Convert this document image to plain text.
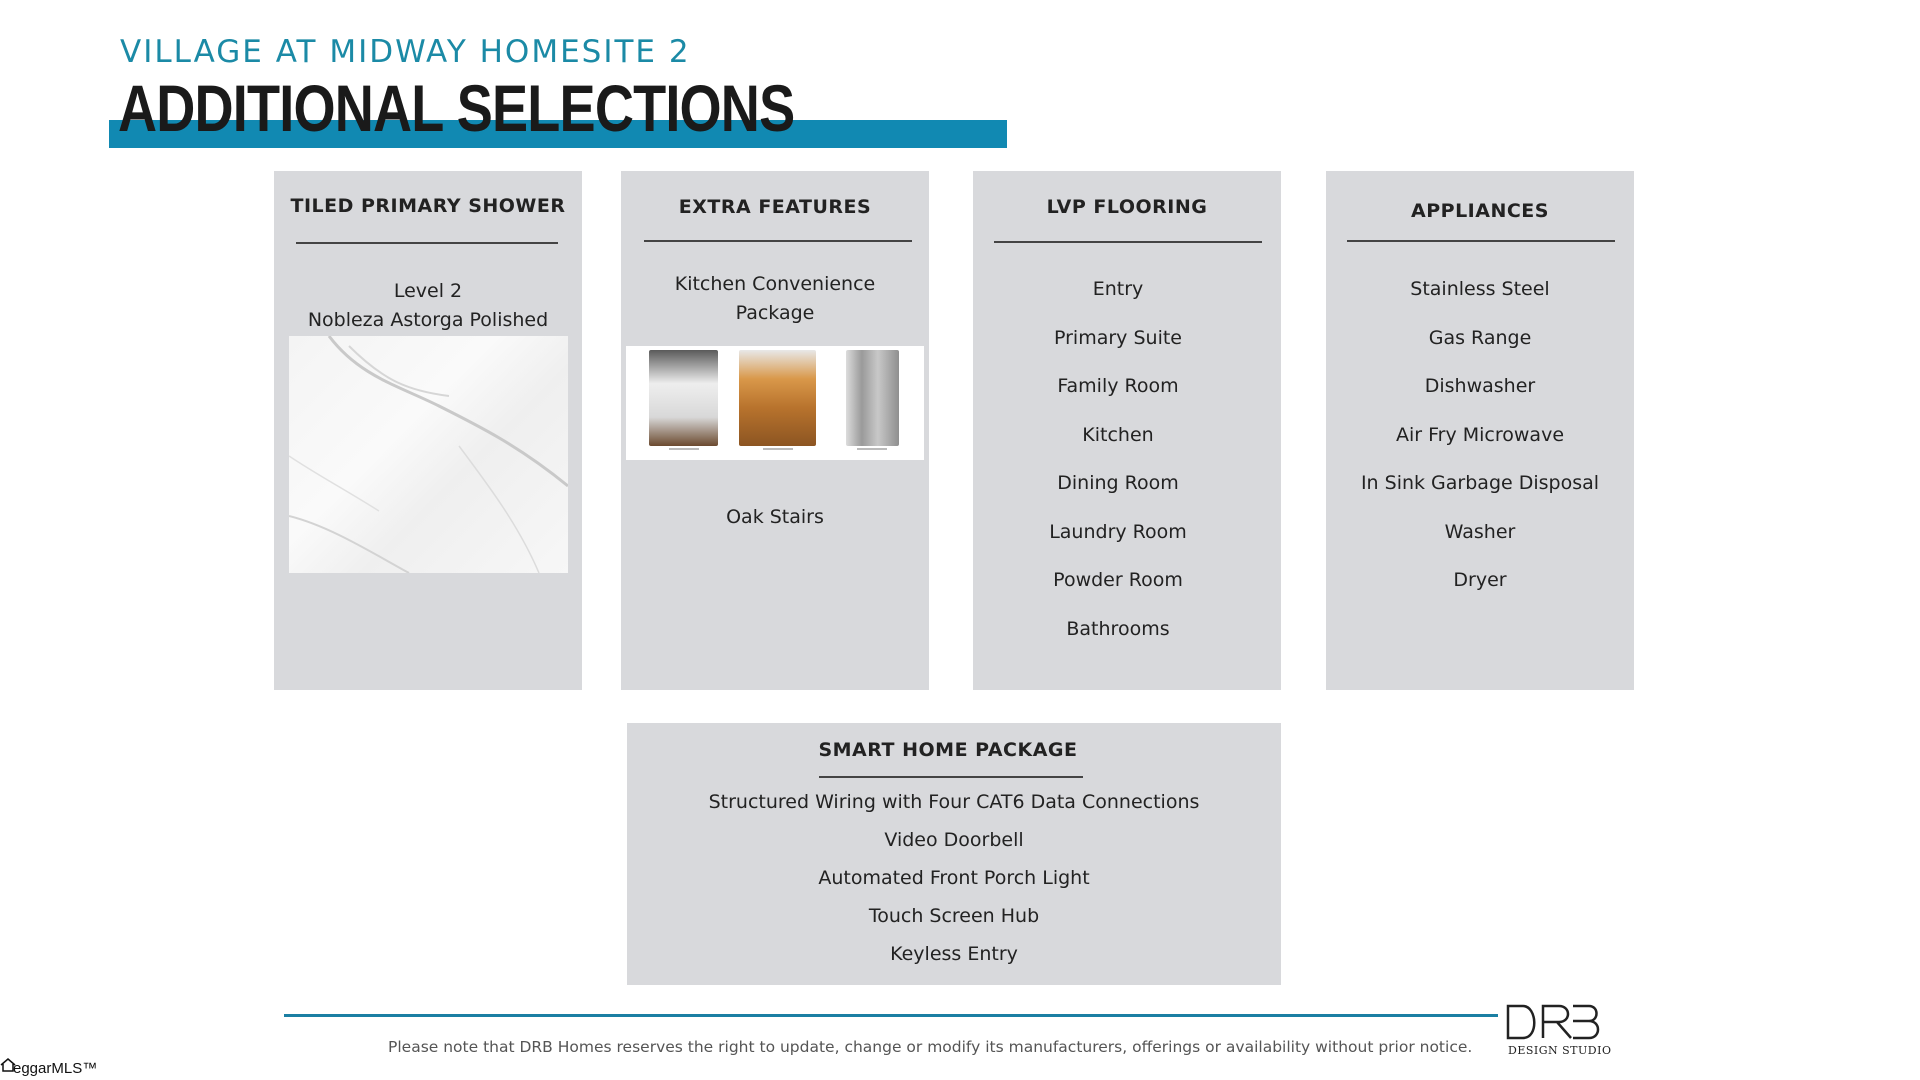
VILLAGE AT MIDWAY HOMESITE 2
ADDITIONAL SELECTIONS
TILED PRIMARY SHOWER
Level 2
Nobleza Astorga Polished
EXTRA FEATURES
Kitchen Convenience
Package
Oak Stairs
LVP FLOORING
Entry
Primary Suite
Family Room
Kitchen
Dining Room
Laundry Room
Powder Room
Bathrooms
APPLIANCES
Stainless Steel
Gas Range
Dishwasher
Air Fry Microwave
In Sink Garbage Disposal
Washer
Dryer
SMART HOME PACKAGE
Structured Wiring with Four CAT6 Data Connections
Video Doorbell
Automated Front Porch Light
Touch Screen Hub
Keyless Entry
Please note that DRB Homes reserves the right to update, change or modify its manufacturers, offerings or availability without prior notice.	DESIGN STUDIO
eggarMLS™
